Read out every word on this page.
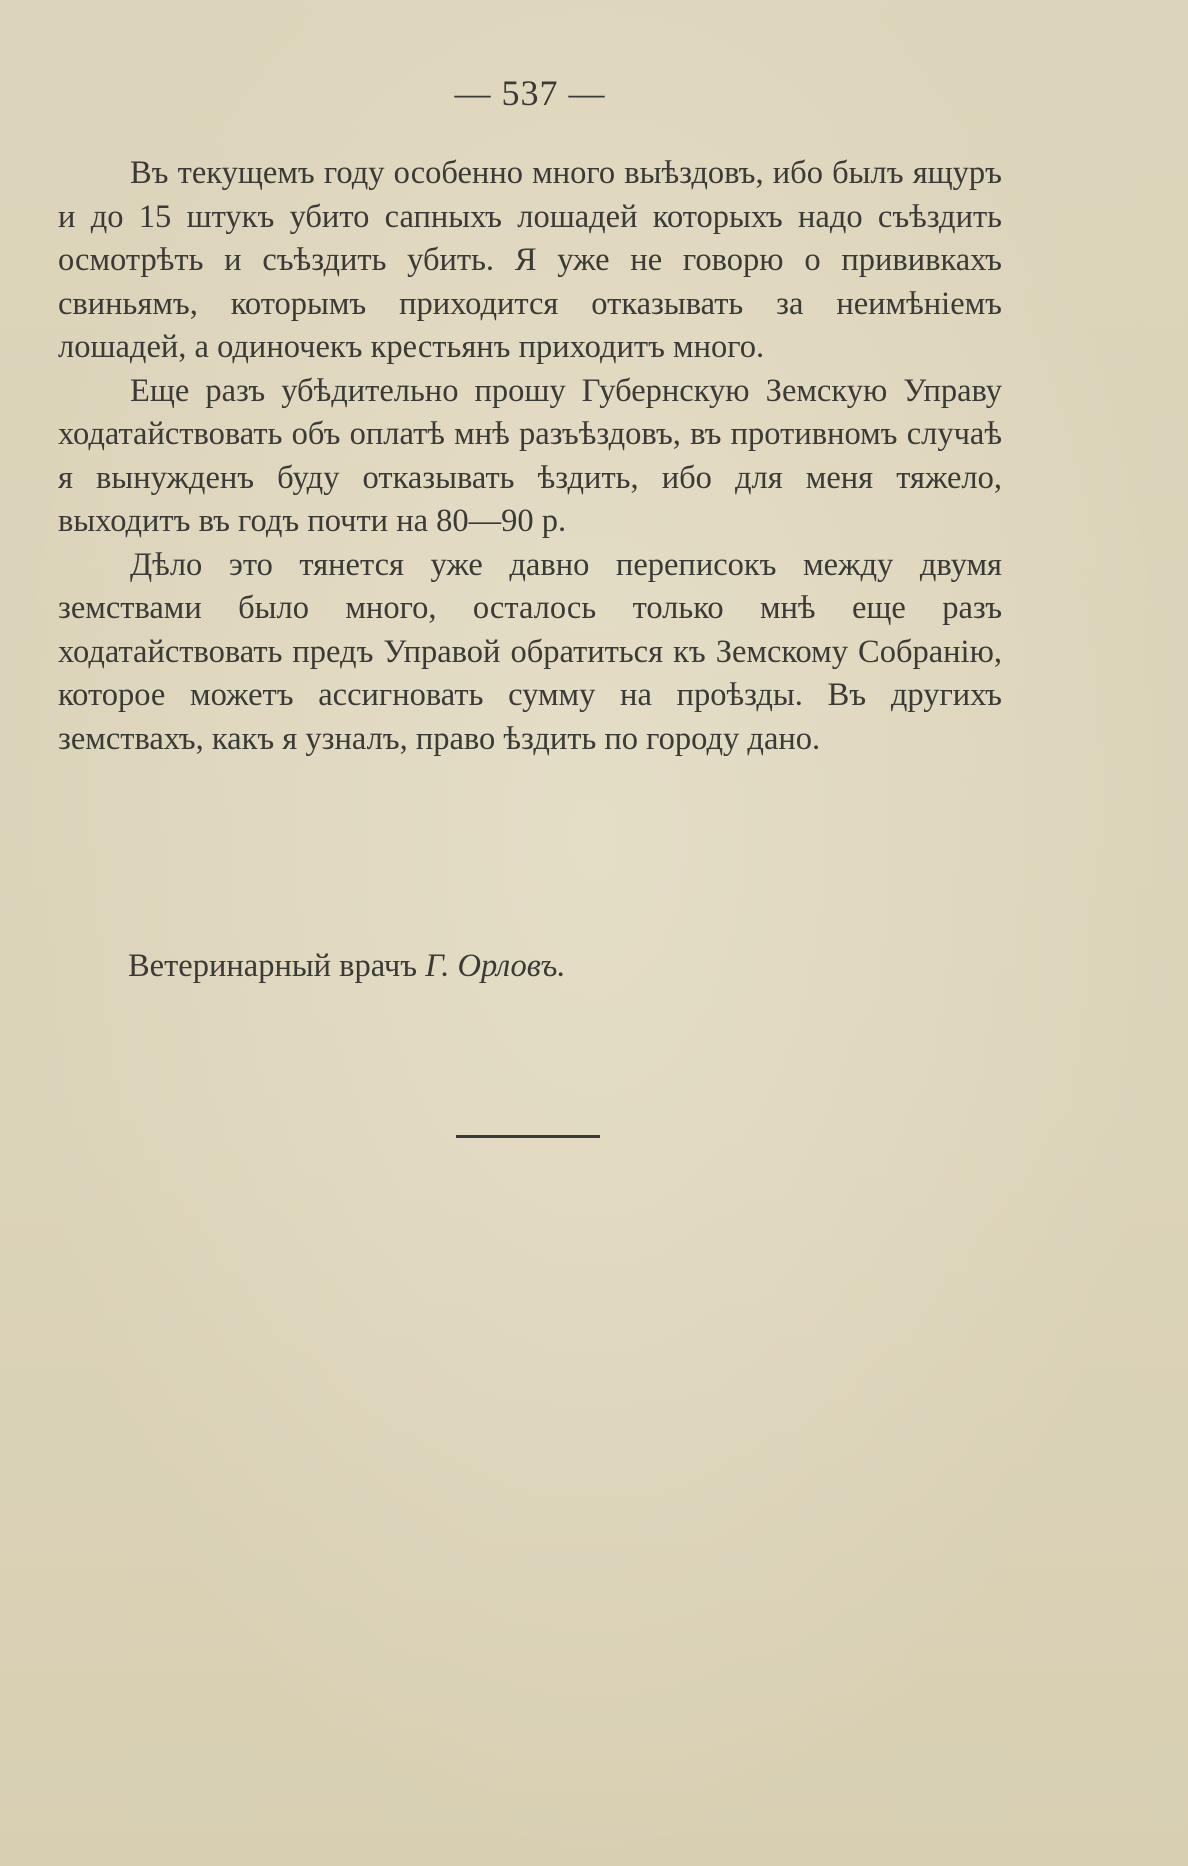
— 537 —

Въ текущемъ году особенно много выѣздовъ, ибо былъ ящуръ и до 15 штукъ убито сапныхъ лошадей которыхъ надо съѣздить осмотрѣть и съѣздить убить. Я уже не говорю о прививкахъ свиньямъ, которымъ приходится отказывать за неимѣніемъ лошадей, а одиночекъ крестьянъ приходитъ много.

Еще разъ убѣдительно прошу Губернскую Земскую Управу ходатайствовать объ оплатѣ мнѣ разъѣздовъ, въ противномъ случаѣ я вынужденъ буду отказывать ѣздить, ибо для меня тяжело, выходитъ въ годъ почти на 80—90 р.

Дѣло это тянется уже давно переписокъ между двумя земствами было много, осталось только мнѣ еще разъ ходатайствовать предъ Управой обратиться къ Земскому Собранію, которое можетъ ассигновать сумму на проѣзды. Въ другихъ земствахъ, какъ я узналъ, право ѣздить по городу дано.

Ветеринарный врачъ Г. Орловъ.
